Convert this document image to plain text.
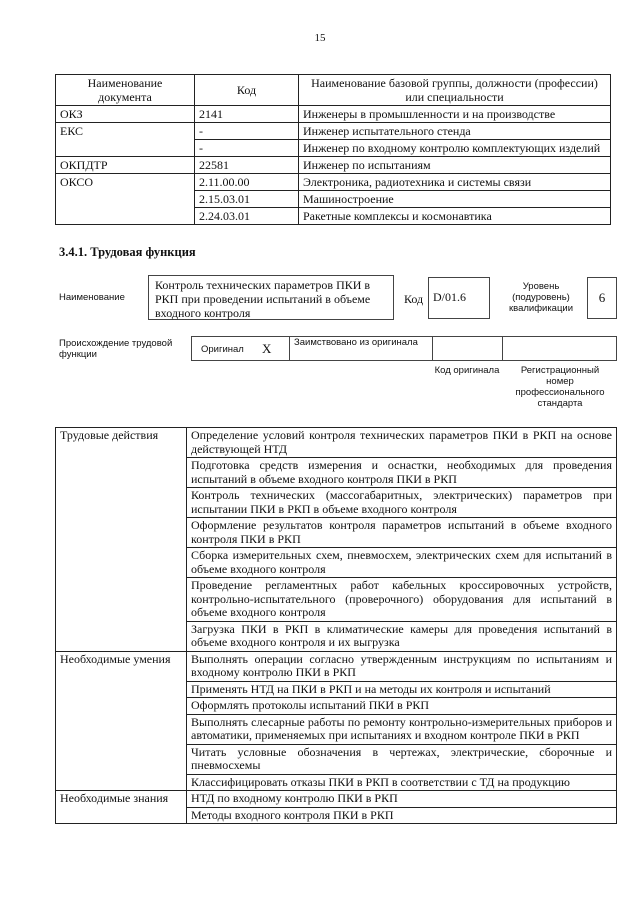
15
Наименование документа	Код	Наименование базовой группы, должности (профессии) или специальности
ОКЗ	2141	Инженеры в промышленности и на производстве
ЕКС	-	Инженер испытательного стенда
	-	Инженер по входному контролю комплектующих изделий
ОКПДТР	22581	Инженер по испытаниям
ОКСО	2.11.00.00	Электроника, радиотехника и системы связи
	2.15.03.01	Машиностроение
	2.24.03.01	Ракетные комплексы и космонавтика
3.4.1. Трудовая функция
Наименование
Контроль технических параметров ПКИ в РКП при проведении испытаний в объеме входного контроля
Код D/01.6
Уровень (подуровень) квалификации
6
Происхождение трудовой функции	Оригинал X Заимствовано из оригинала
Код оригинала	Регистрационный номер профессионального стандарта
Трудовые действия	Определение условий контроля технических параметров ПКИ в РКП на основе действующей НТД
	Подготовка средств измерения и оснастки, необходимых для проведения испытаний в объеме входного контроля ПКИ в РКП
	Контроль технических (массогабаритных, электрических) параметров при испытании ПКИ в РКП в объеме входного контроля
	Оформление результатов контроля параметров испытаний в объеме входного контроля ПКИ в РКП
	Сборка измерительных схем, пневмосхем, электрических схем для испытаний в объеме входного контроля
	Проведение регламентных работ кабельных кроссировочных устройств, контрольно-испытательного (проверочного) оборудования для испытаний в объеме входного контроля
	Загрузка ПКИ в РКП в климатические камеры для проведения испытаний в объеме входного контроля и их выгрузка
Необходимые умения	Выполнять операции согласно утвержденным инструкциям по испытаниям и входному контролю ПКИ в РКП
	Применять НТД на ПКИ в РКП и на методы их контроля и испытаний
	Оформлять протоколы испытаний ПКИ в РКП
	Выполнять слесарные работы по ремонту контрольно-измерительных приборов и автоматики, применяемых при испытаниях и входном контроле ПКИ в РКП
	Читать условные обозначения в чертежах, электрические, сборочные и пневмосхемы
	Классифицировать отказы ПКИ в РКП в соответствии с ТД на продукцию
Необходимые знания	НТД по входному контролю ПКИ в РКП
	Методы входного контроля ПКИ в РКП
